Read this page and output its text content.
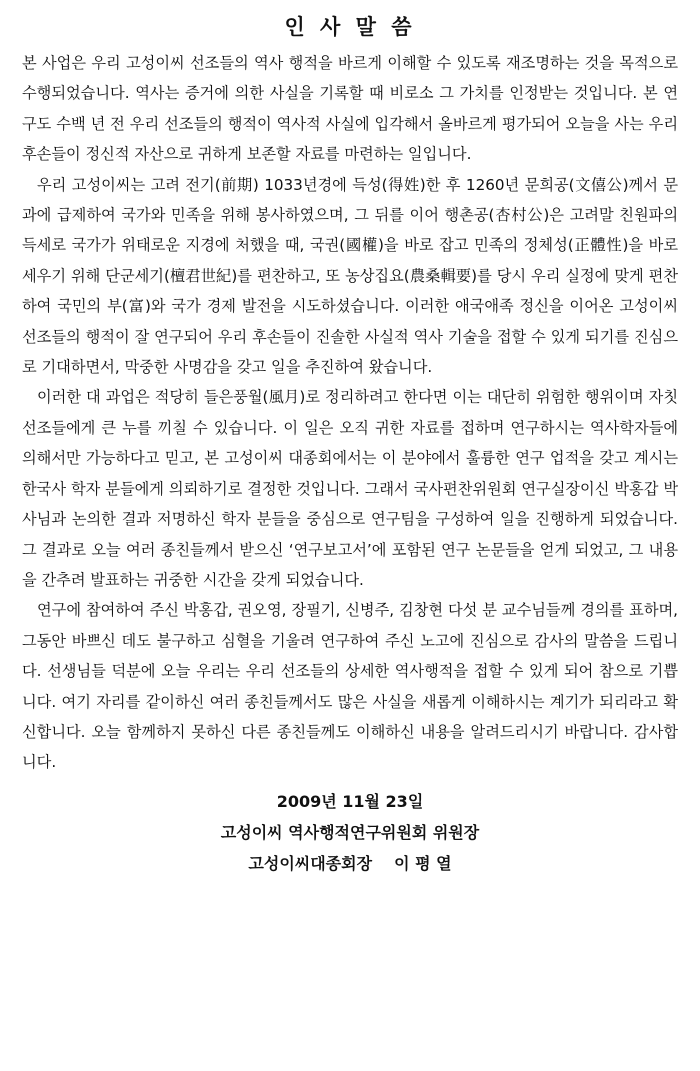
인 사 말 씀

본 사업은 우리 고성이씨 선조들의 역사 행적을 바르게 이해할 수 있도록 재조명하는 것을 목적으로 수행되었습니다. 역사는 증거에 의한 사실을 기록할 때 비로소 그 가치를 인정받는 것입니다. 본 연구도 수백 년 전 우리 선조들의 행적이 역사적 사실에 입각해서 올바르게 평가되어 오늘을 사는 우리 후손들이 정신적 자산으로 귀하게 보존할 자료를 마련하는 일입니다.

우리 고성이씨는 고려 전기(前期) 1033년경에 득성(得姓)한 후 1260년 문희공(文僖公)께서 문과에 급제하여 국가와 민족을 위해 봉사하였으며, 그 뒤를 이어 행촌공(杏村公)은 고려말 친원파의 득세로 국가가 위태로운 지경에 처했을 때, 국권(國權)을 바로 잡고 민족의 정체성(正體性)을 바로 세우기 위해 단군세기(檀君世紀)를 편찬하고, 또 농상집요(農桑輯要)를 당시 우리 실정에 맞게 편찬하여 국민의 부(富)와 국가 경제 발전을 시도하셨습니다. 이러한 애국애족 정신을 이어온 고성이씨 선조들의 행적이 잘 연구되어 우리 후손들이 진솔한 사실적 역사 기술을 접할 수 있게 되기를 진심으로 기대하면서, 막중한 사명감을 갖고 일을 추진하여 왔습니다.

이러한 대 과업은 적당히 들은풍월(風月)로 정리하려고 한다면 이는 대단히 위험한 행위이며 자칫 선조들에게 큰 누를 끼칠 수 있습니다. 이 일은 오직 귀한 자료를 접하며 연구하시는 역사학자들에 의해서만 가능하다고 믿고, 본 고성이씨 대종회에서는 이 분야에서 훌륭한 연구 업적을 갖고 계시는 한국사 학자 분들에게 의뢰하기로 결정한 것입니다. 그래서 국사편찬위원회 연구실장이신 박홍갑 박사님과 논의한 결과 저명하신 학자 분들을 중심으로 연구팀을 구성하여 일을 진행하게 되었습니다. 그 결과로 오늘 여러 종친들께서 받으신 ‘연구보고서’에 포함된 연구 논문들을 얻게 되었고, 그 내용을 간추려 발표하는 귀중한 시간을 갖게 되었습니다.

연구에 참여하여 주신 박홍갑, 권오영, 장필기, 신병주, 김창현 다섯 분 교수님들께 경의를 표하며, 그동안 바쁘신 데도 불구하고 심혈을 기울려 연구하여 주신 노고에 진심으로 감사의 말씀을 드립니다. 선생님들 덕분에 오늘 우리는 우리 선조들의 상세한 역사행적을 접할 수 있게 되어 참으로 기쁩니다. 여기 자리를 같이하신 여러 종친들께서도 많은 사실을 새롭게 이해하시는 계기가 되리라고 확신합니다. 오늘 함께하지 못하신 다른 종친들께도 이해하신 내용을 알려드리시기 바랍니다. 감사합니다.

2009년 11월 23일
고성이씨 역사행적연구위원회 위원장
고성이씨대종회장 이 평 열
